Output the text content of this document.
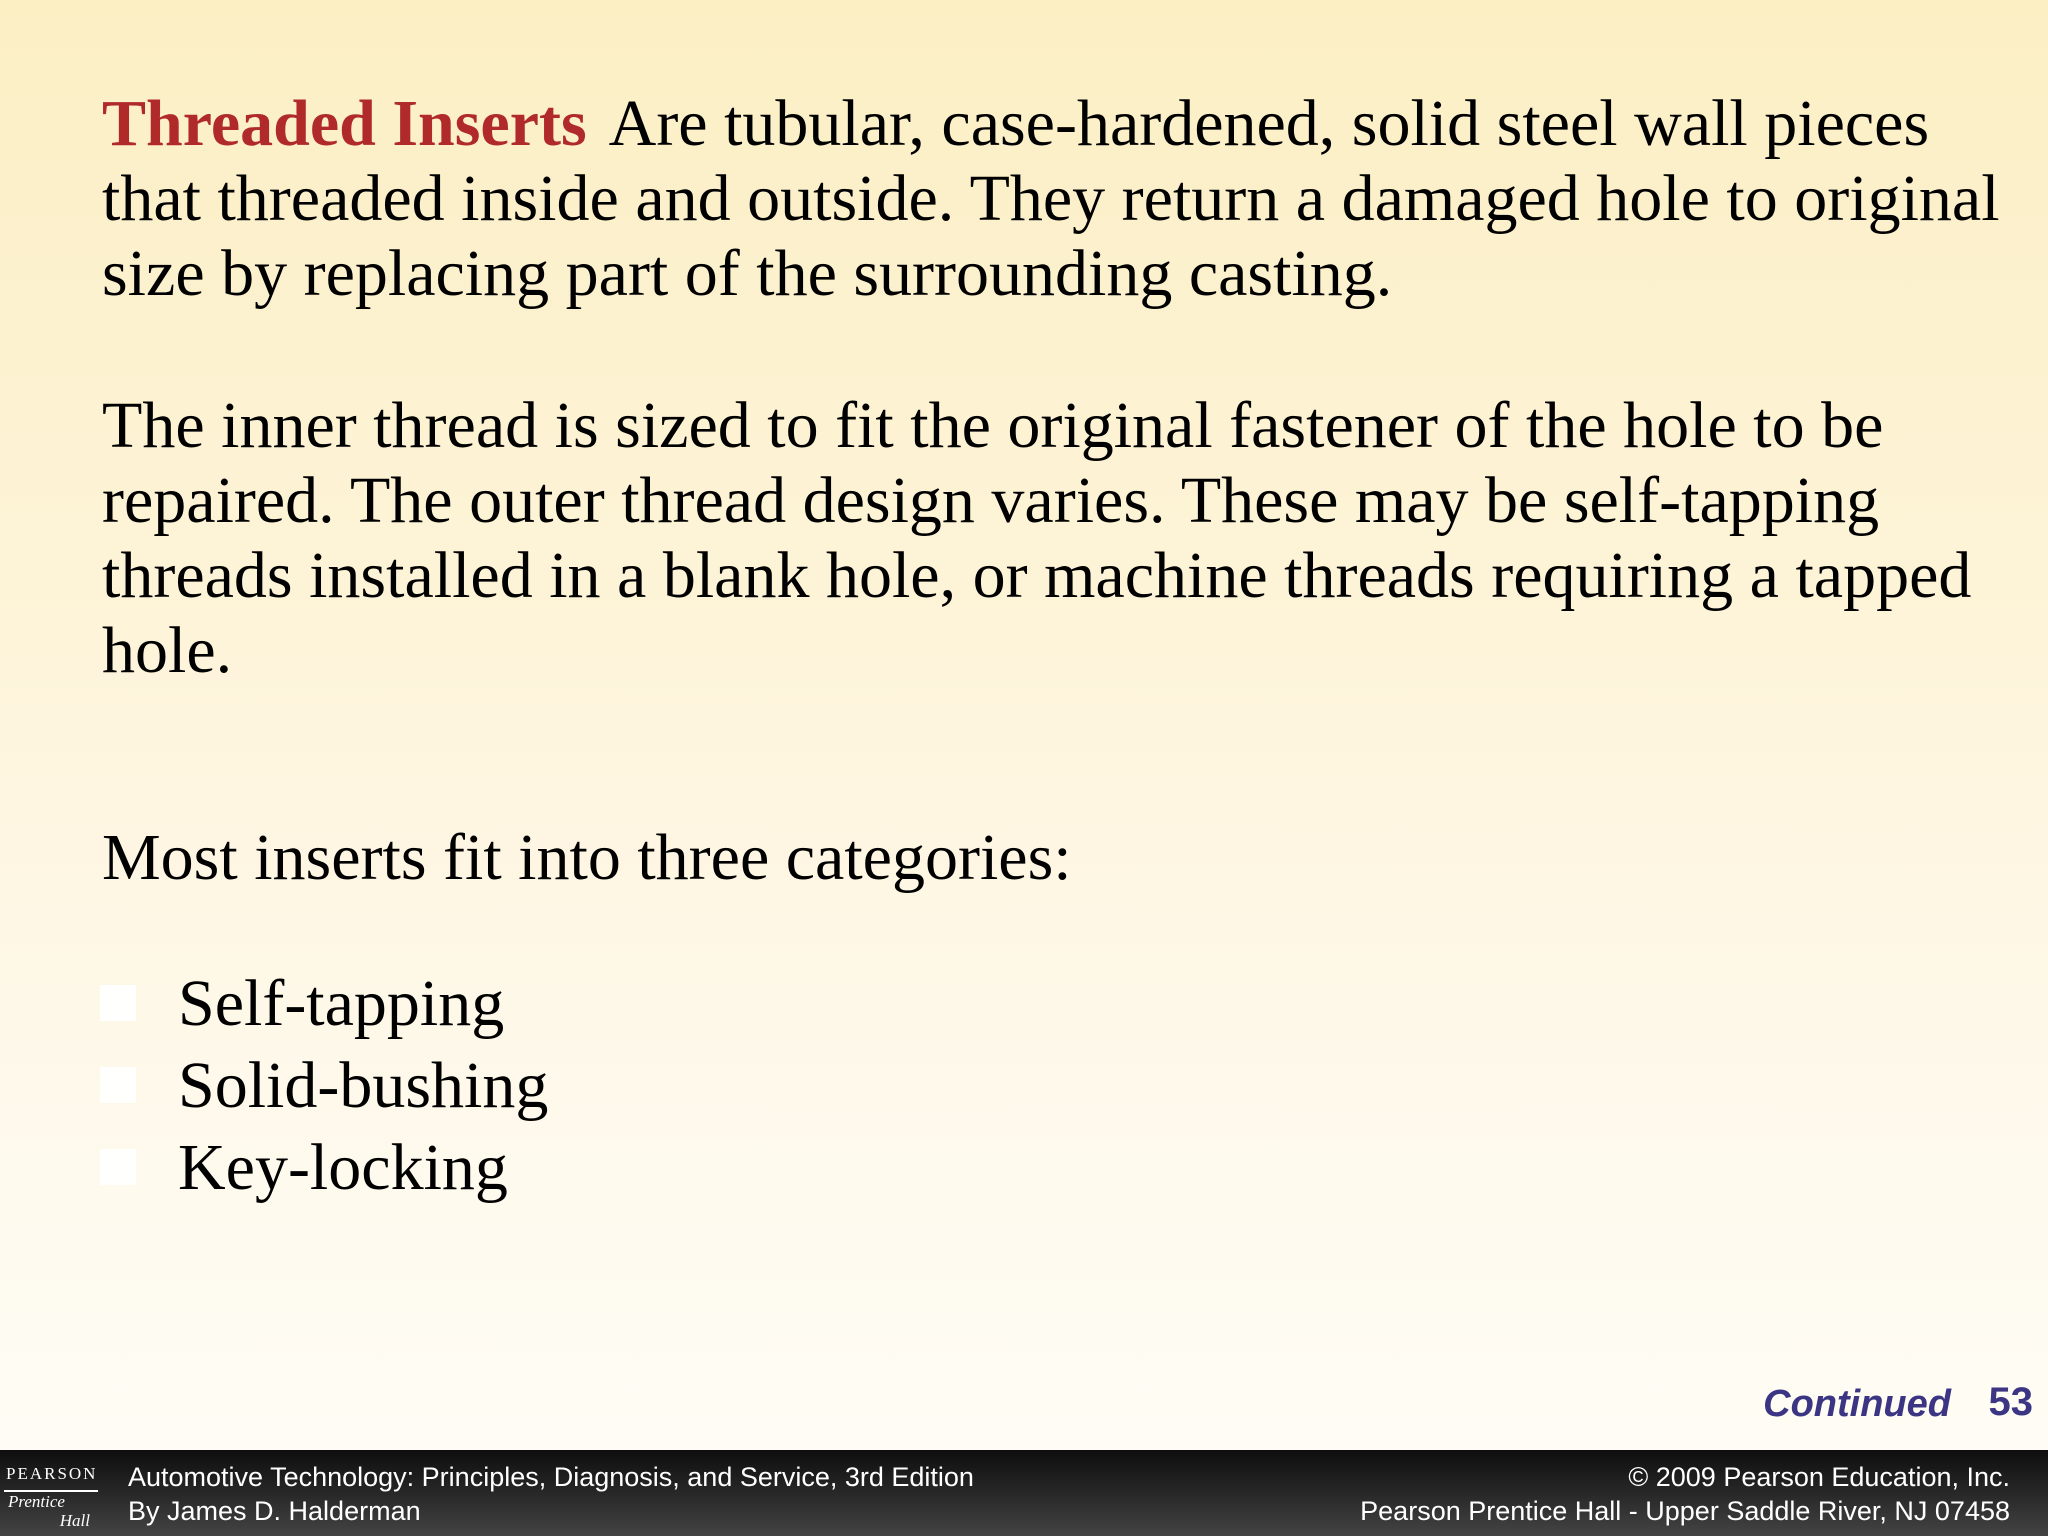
Threaded Inserts Are tubular, case-hardened, solid steel wall pieces that threaded inside and outside. They return a damaged hole to original size by replacing part of the surrounding casting.

The inner thread is sized to fit the original fastener of the hole to be repaired. The outer thread design varies. These may be self-tapping threads installed in a blank hole, or machine threads requiring a tapped hole.

Most inserts fit into three categories:

Self-tapping
Solid-bushing
Key-locking
Continued 53
PEARSON
Prentice
Hall
Automotive Technology: Principles, Diagnosis, and Service, 3rd Edition
By James D. Halderman
© 2009 Pearson Education, Inc.
Pearson Prentice Hall - Upper Saddle River, NJ 07458
